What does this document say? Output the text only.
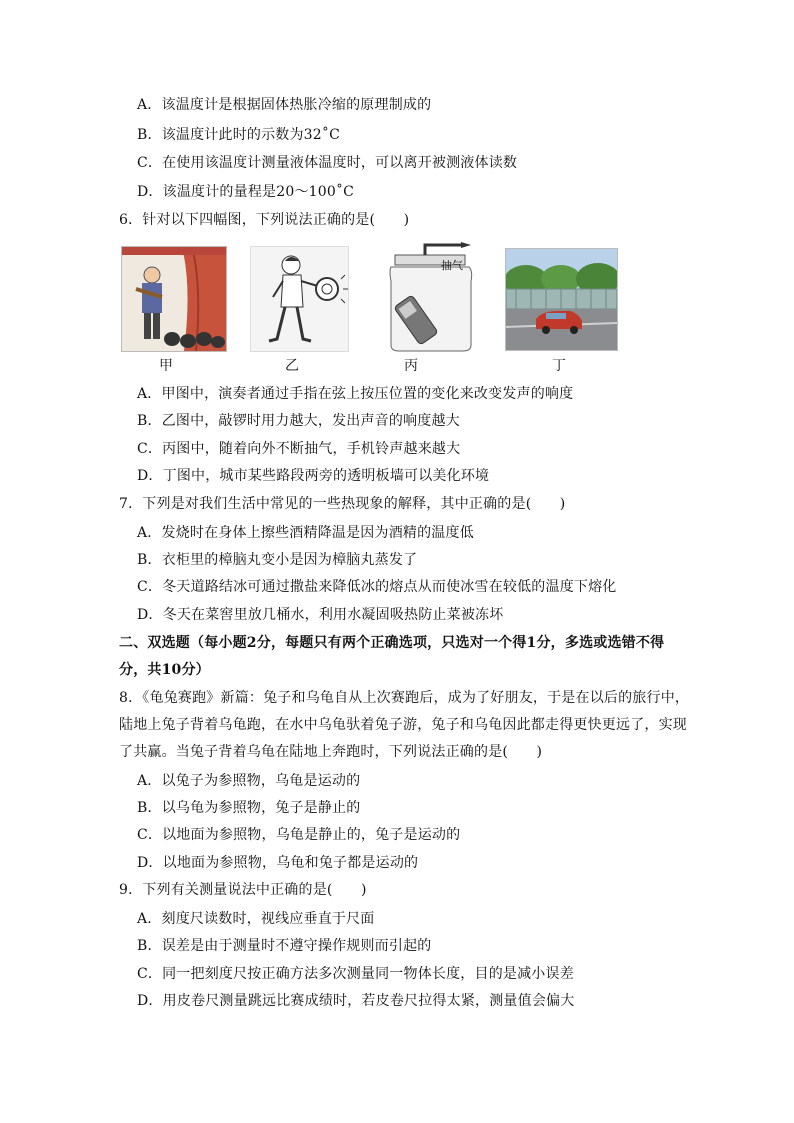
A．该温度计是根据固体热胀冷缩的原理制成的
B．该温度计此时的示数为32˚C
C．在使用该温度计测量液体温度时，可以离开被测液体读数
D．该温度计的量程是20～100˚C
6．针对以下四幅图，下列说法正确的是(　　)
抽气
甲	乙	丙	丁
A．甲图中，演奏者通过手指在弦上按压位置的变化来改变发声的响度
B．乙图中，敲锣时用力越大，发出声音的响度越大
C．丙图中，随着向外不断抽气，手机铃声越来越大
D．丁图中，城市某些路段两旁的透明板墙可以美化环境
7．下列是对我们生活中常见的一些热现象的解释，其中正确的是(　　)
A．发烧时在身体上擦些酒精降温是因为酒精的温度低
B．衣柜里的樟脑丸变小是因为樟脑丸蒸发了
C．冬天道路结冰可通过撒盐来降低冰的熔点从而使冰雪在较低的温度下熔化
D．冬天在菜窖里放几桶水，利用水凝固吸热防止菜被冻坏
二、双选题（每小题2分，每题只有两个正确选项，只选对一个得1分，多选或选错不得
分，共10分）
8．《龟兔赛跑》新篇：兔子和乌龟自从上次赛跑后，成为了好朋友，于是在以后的旅行中，
陆地上兔子背着乌龟跑，在水中乌龟驮着兔子游，兔子和乌龟因此都走得更快更远了，实现
了共赢。当兔子背着乌龟在陆地上奔跑时，下列说法正确的是(　　)
A．以兔子为参照物，乌龟是运动的
B．以乌龟为参照物，兔子是静止的
C．以地面为参照物，乌龟是静止的，兔子是运动的
D．以地面为参照物，乌龟和兔子都是运动的
9．下列有关测量说法中正确的是(　　)
A．刻度尺读数时，视线应垂直于尺面
B．误差是由于测量时不遵守操作规则而引起的
C．同一把刻度尺按正确方法多次测量同一物体长度，目的是减小误差
D．用皮卷尺测量跳远比赛成绩时，若皮卷尺拉得太紧，测量值会偏大
